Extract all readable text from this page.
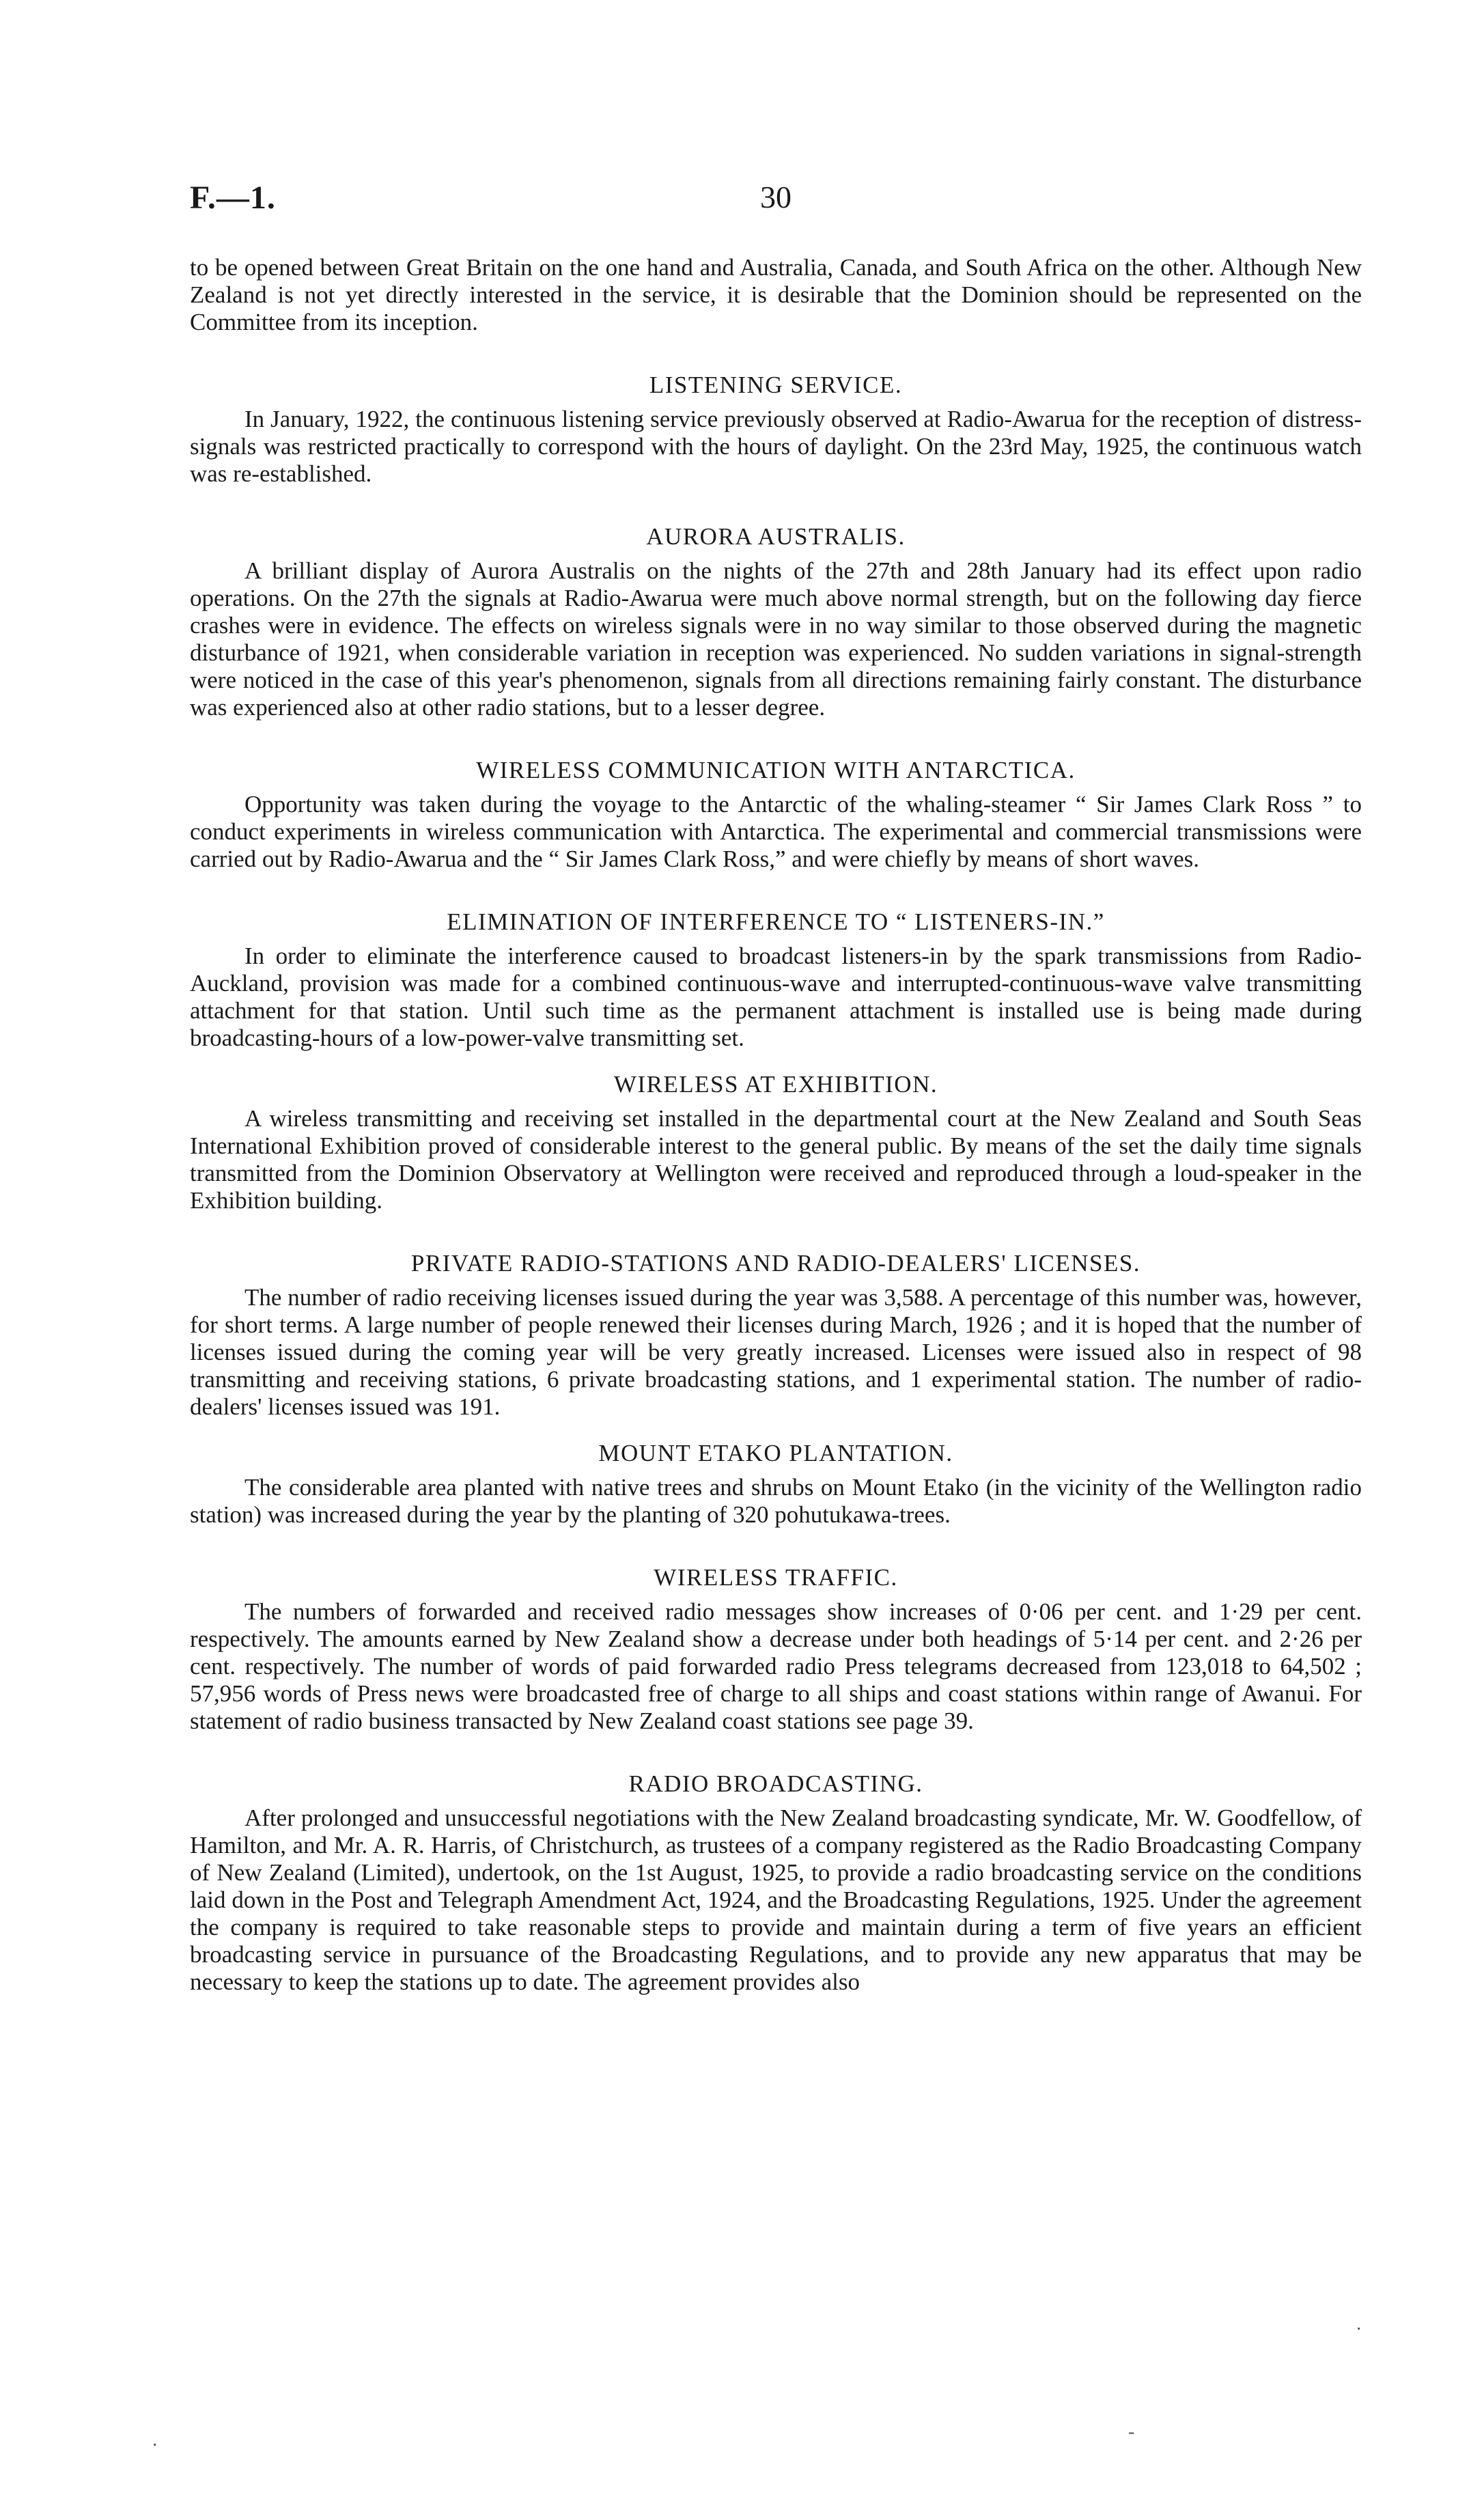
F.—1.	30

to be opened between Great Britain on the one hand and Australia, Canada, and South Africa on the other. Although New Zealand is not yet directly interested in the service, it is desirable that the Dominion should be represented on the Committee from its inception.

LISTENING SERVICE.

In January, 1922, the continuous listening service previously observed at Radio-Awarua for the reception of distress-signals was restricted practically to correspond with the hours of daylight. On the 23rd May, 1925, the continuous watch was re-established.

AURORA AUSTRALIS.

A brilliant display of Aurora Australis on the nights of the 27th and 28th January had its effect upon radio operations. On the 27th the signals at Radio-Awarua were much above normal strength, but on the following day fierce crashes were in evidence. The effects on wireless signals were in no way similar to those observed during the magnetic disturbance of 1921, when considerable variation in reception was experienced. No sudden variations in signal-strength were noticed in the case of this year's phenomenon, signals from all directions remaining fairly constant. The disturbance was experienced also at other radio stations, but to a lesser degree.

WIRELESS COMMUNICATION WITH ANTARCTICA.

Opportunity was taken during the voyage to the Antarctic of the whaling-steamer “ Sir James Clark Ross ” to conduct experiments in wireless communication with Antarctica. The experimental and commercial transmissions were carried out by Radio-Awarua and the “ Sir James Clark Ross,” and were chiefly by means of short waves.

ELIMINATION OF INTERFERENCE TO “ LISTENERS-IN.”

In order to eliminate the interference caused to broadcast listeners-in by the spark transmissions from Radio-Auckland, provision was made for a combined continuous-wave and interrupted-continuous-wave valve transmitting attachment for that station. Until such time as the permanent attachment is installed use is being made during broadcasting-hours of a low-power-valve transmitting set.

WIRELESS AT EXHIBITION.

A wireless transmitting and receiving set installed in the departmental court at the New Zealand and South Seas International Exhibition proved of considerable interest to the general public. By means of the set the daily time signals transmitted from the Dominion Observatory at Wellington were received and reproduced through a loud-speaker in the Exhibition building.

PRIVATE RADIO-STATIONS AND RADIO-DEALERS' LICENSES.

The number of radio receiving licenses issued during the year was 3,588. A percentage of this number was, however, for short terms. A large number of people renewed their licenses during March, 1926 ; and it is hoped that the number of licenses issued during the coming year will be very greatly increased. Licenses were issued also in respect of 98 transmitting and receiving stations, 6 private broadcasting stations, and 1 experimental station. The number of radio-dealers' licenses issued was 191.

MOUNT ETAKO PLANTATION.

The considerable area planted with native trees and shrubs on Mount Etako (in the vicinity of the Wellington radio station) was increased during the year by the planting of 320 pohutukawa-trees.

WIRELESS TRAFFIC.

The numbers of forwarded and received radio messages show increases of 0·06 per cent. and 1·29 per cent. respectively. The amounts earned by New Zealand show a decrease under both headings of 5·14 per cent. and 2·26 per cent. respectively. The number of words of paid forwarded radio Press telegrams decreased from 123,018 to 64,502 ; 57,956 words of Press news were broadcasted free of charge to all ships and coast stations within range of Awanui. For statement of radio business transacted by New Zealand coast stations see page 39.

RADIO BROADCASTING.

After prolonged and unsuccessful negotiations with the New Zealand broadcasting syndicate, Mr. W. Goodfellow, of Hamilton, and Mr. A. R. Harris, of Christchurch, as trustees of a company registered as the Radio Broadcasting Company of New Zealand (Limited), undertook, on the 1st August, 1925, to provide a radio broadcasting service on the conditions laid down in the Post and Telegraph Amendment Act, 1924, and the Broadcasting Regulations, 1925. Under the agreement the company is required to take reasonable steps to provide and maintain during a term of five years an efficient broadcasting service in pursuance of the Broadcasting Regulations, and to provide any new apparatus that may be necessary to keep the stations up to date. The agreement provides also

·
-
·
